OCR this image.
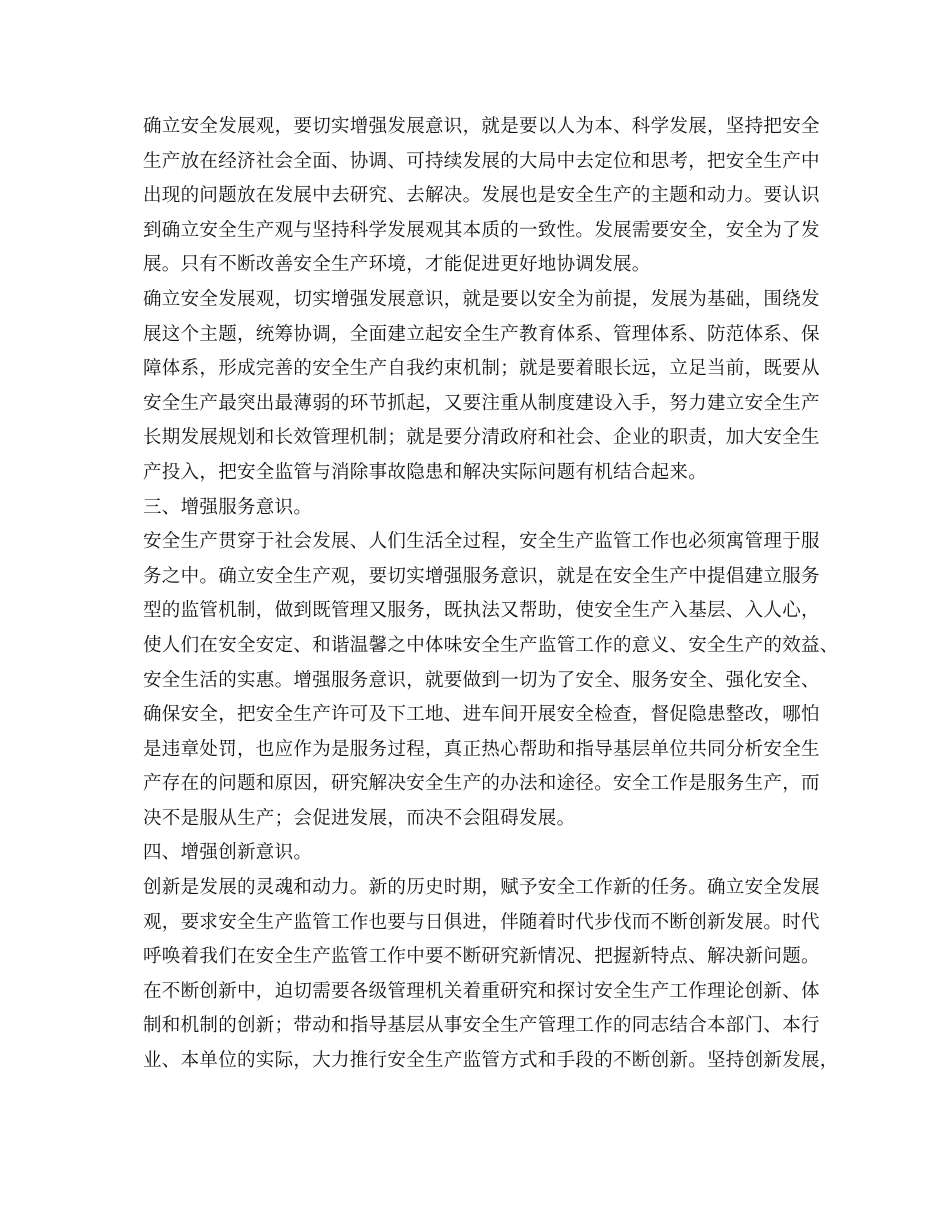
确立安全发展观，要切实增强发展意识，就是要以人为本、科学发展，坚持把安全
生产放在经济社会全面、协调、可持续发展的大局中去定位和思考，把安全生产中
出现的问题放在发展中去研究、去解决。发展也是安全生产的主题和动力。要认识
到确立安全生产观与坚持科学发展观其本质的一致性。发展需要安全，安全为了发
展。只有不断改善安全生产环境，才能促进更好地协调发展。
确立安全发展观，切实增强发展意识，就是要以安全为前提，发展为基础，围绕发
展这个主题，统筹协调，全面建立起安全生产教育体系、管理体系、防范体系、保
障体系，形成完善的安全生产自我约束机制；就是要着眼长远，立足当前，既要从
安全生产最突出最薄弱的环节抓起，又要注重从制度建设入手，努力建立安全生产
长期发展规划和长效管理机制；就是要分清政府和社会、企业的职责，加大安全生
产投入，把安全监管与消除事故隐患和解决实际问题有机结合起来。
三、增强服务意识。
安全生产贯穿于社会发展、人们生活全过程，安全生产监管工作也必须寓管理于服
务之中。确立安全生产观，要切实增强服务意识，就是在安全生产中提倡建立服务
型的监管机制，做到既管理又服务，既执法又帮助，使安全生产入基层、入人心，
使人们在安全安定、和谐温馨之中体味安全生产监管工作的意义、安全生产的效益、
安全生活的实惠。增强服务意识，就要做到一切为了安全、服务安全、强化安全、
确保安全，把安全生产许可及下工地、进车间开展安全检查，督促隐患整改，哪怕
是违章处罚，也应作为是服务过程，真正热心帮助和指导基层单位共同分析安全生
产存在的问题和原因，研究解决安全生产的办法和途径。安全工作是服务生产，而
决不是服从生产；会促进发展，而决不会阻碍发展。
四、增强创新意识。
创新是发展的灵魂和动力。新的历史时期，赋予安全工作新的任务。确立安全发展
观，要求安全生产监管工作也要与日俱进，伴随着时代步伐而不断创新发展。时代
呼唤着我们在安全生产监管工作中要不断研究新情况、把握新特点、解决新问题。
在不断创新中，迫切需要各级管理机关着重研究和探讨安全生产工作理论创新、体
制和机制的创新；带动和指导基层从事安全生产管理工作的同志结合本部门、本行
业、本单位的实际，大力推行安全生产监管方式和手段的不断创新。坚持创新发展，
